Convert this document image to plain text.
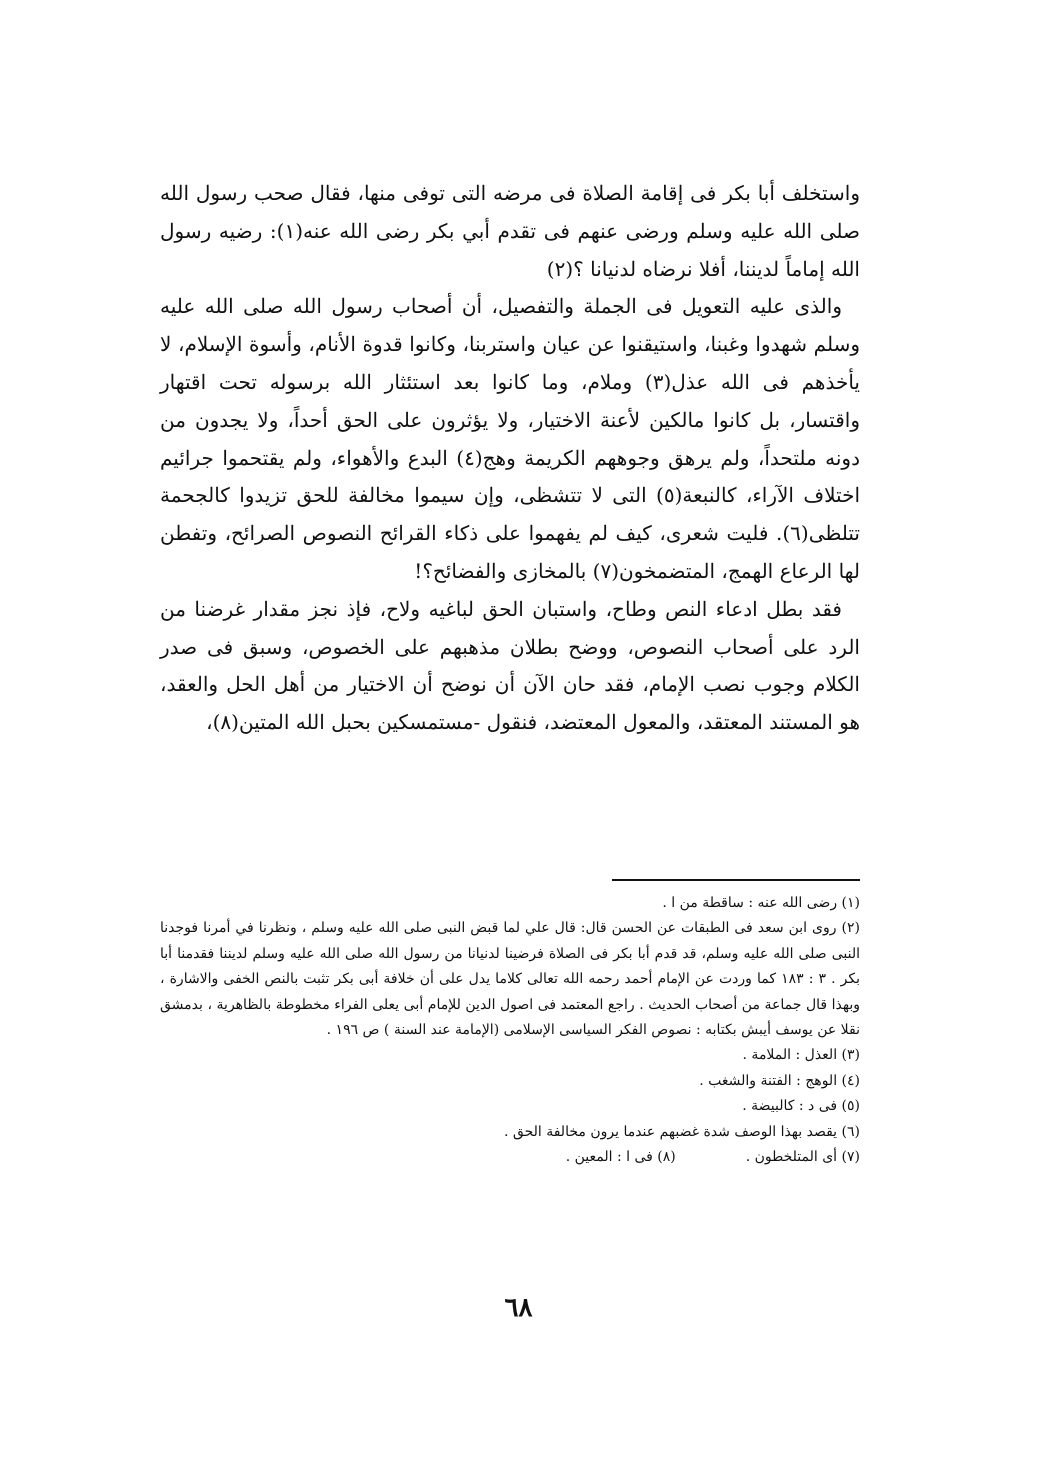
واستخلف أبا بكر فى إقامة الصلاة فى مرضه التى توفى منها، فقال صحب رسول الله صلى الله عليه وسلم ورضى عنهم فى تقدم أبي بكر رضى الله عنه(١): رضيه رسول الله إماماً لديننا، أفلا نرضاه لدنيانا ؟(٢)

والذى عليه التعويل فى الجملة والتفصيل، أن أصحاب رسول الله صلى الله عليه وسلم شهدوا وغبنا، واستيقنوا عن عيان واستربنا، وكانوا قدوة الأنام، وأسوة الإسلام، لا يأخذهم فى الله عذل(٣) وملام، وما كانوا بعد استئثار الله برسوله تحت اقتهار واقتسار، بل كانوا مالكين لأعنة الاختيار، ولا يؤثرون على الحق أحداً، ولا يجدون من دونه ملتحداً، ولم يرهق وجوههم الكريمة وهج(٤) البدع والأهواء، ولم يقتحموا جرائيم اختلاف الآراء، كالنبعة(٥) التى لا تتشظى، وإن سيموا مخالفة للحق تزيدوا كالجحمة تتلظى(٦). فليت شعرى، كيف لم يفهموا على ذكاء القرائح النصوص الصرائح، وتفطن لها الرعاع الهمج، المتضمخون(٧) بالمخازى والفضائح؟!

فقد بطل ادعاء النص وطاح، واستبان الحق لباغيه ولاح، فإذ نجز مقدار غرضنا من الرد على أصحاب النصوص، ووضح بطلان مذهبهم على الخصوص، وسبق فى صدر الكلام وجوب نصب الإمام، فقد حان الآن أن نوضح أن الاختيار من أهل الحل والعقد، هو المستند المعتقد، والمعول المعتضد، فنقول -مستمسكين بحبل الله المتين(٨)،

(١) رضى الله عنه : ساقطة من ا .

(٢) روى ابن سعد فى الطبقات عن الحسن قال: قال علي لما قبض النبى صلى الله عليه وسلم ، ونظرنا في أمرنا فوجدنا النبى صلى الله عليه وسلم، قد قدم أبا بكر فى الصلاة فرضينا لدنيانا من رسول الله صلى الله عليه وسلم لديننا فقدمنا أبا بكر . ٣ : ١٨٣ كما وردت عن الإمام أحمد رحمه الله تعالى كلاما يدل على أن خلافة أبى بكر تثبت بالنص الخفى والاشارة ، وبهذا قال جماعة من أصحاب الحديث . راجع المعتمد فى اصول الدين للإمام أبى يعلى الفراء مخطوطة بالظاهرية ، بدمشق نقلا عن يوسف أيبش بكتابه : نصوص الفكر السياسى الإسلامى (الإمامة عند السنة ) ص ١٩٦ .

(٣) العذل : الملامة .

(٤) الوهج : الفتنة والشغب .

(٥) فى د : كالبيضة .

(٦) يقصد بهذا الوصف شدة غضبهم عندما يرون مخالفة الحق .

(٧) أى المتلخطون .
(٨) فى ا : المعين .
٦٨
